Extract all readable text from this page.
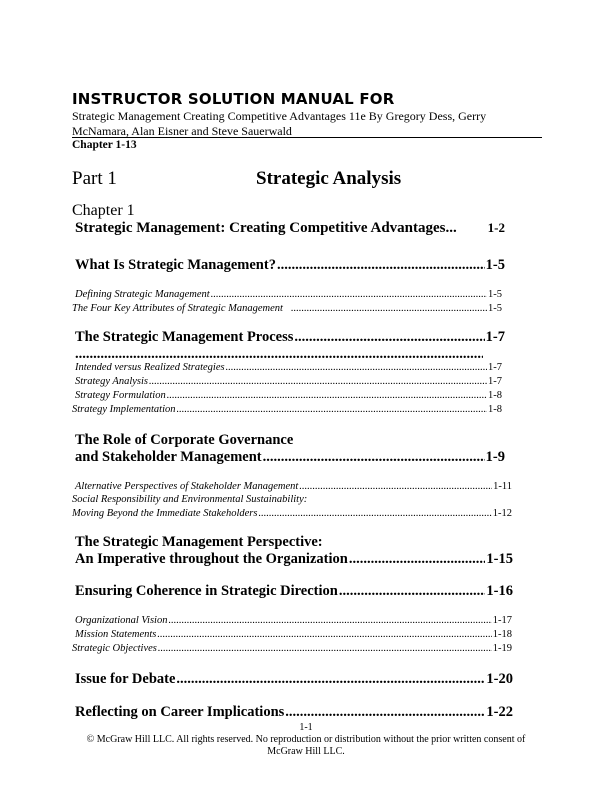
INSTRUCTOR SOLUTION MANUAL FOR
Strategic Management Creating Competitive Advantages 11e By Gregory Dess, Gerry McNamara, Alan Eisner and Steve Sauerwald
Chapter 1-13
Part 1	Strategic Analysis
Chapter 1
Strategic Management: Creating Competitive Advantages... 1-2
What Is Strategic Management? .....	1-5
Defining Strategic Management .....	1-5
The Four Key Attributes of Strategic Management .....	1-5
The Strategic Management Process .....	1-7
.....
Intended versus Realized Strategies .....	1-7
Strategy Analysis .....	1-7
Strategy Formulation .....	1-8
Strategy Implementation .....	1-8
The Role of Corporate Governance
and Stakeholder Management .....	1-9
Alternative Perspectives of Stakeholder Management .....	1-11
Social Responsibility and Environmental Sustainability:
Moving Beyond the Immediate Stakeholders .....	1-12
The Strategic Management Perspective:
An Imperative throughout the Organization .....	1-15
Ensuring Coherence in Strategic Direction .....	1-16
Organizational Vision .....	1-17
Mission Statements .....	1-18
Strategic Objectives .....	1-19
Issue for Debate .....	1-20
Reflecting on Career Implications .....	1-22
1-1
© McGraw Hill LLC. All rights reserved. No reproduction or distribution without the prior written consent of McGraw Hill LLC.
